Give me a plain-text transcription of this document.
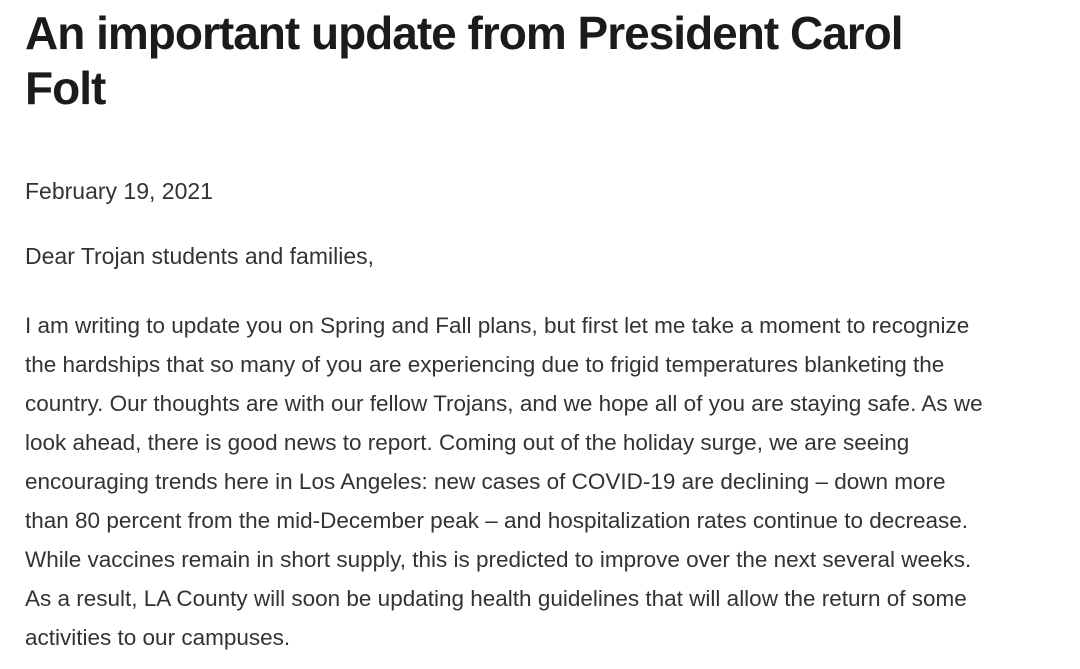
An important update from President Carol Folt

February 19, 2021

Dear Trojan students and families,

I am writing to update you on Spring and Fall plans, but first let me take a moment to recognize the hardships that so many of you are experiencing due to frigid temperatures blanketing the country. Our thoughts are with our fellow Trojans, and we hope all of you are staying safe. As we look ahead, there is good news to report. Coming out of the holiday surge, we are seeing encouraging trends here in Los Angeles: new cases of COVID-19 are declining – down more than 80 percent from the mid-December peak – and hospitalization rates continue to decrease. While vaccines remain in short supply, this is predicted to improve over the next several weeks. As a result, LA County will soon be updating health guidelines that will allow the return of some activities to our campuses.
